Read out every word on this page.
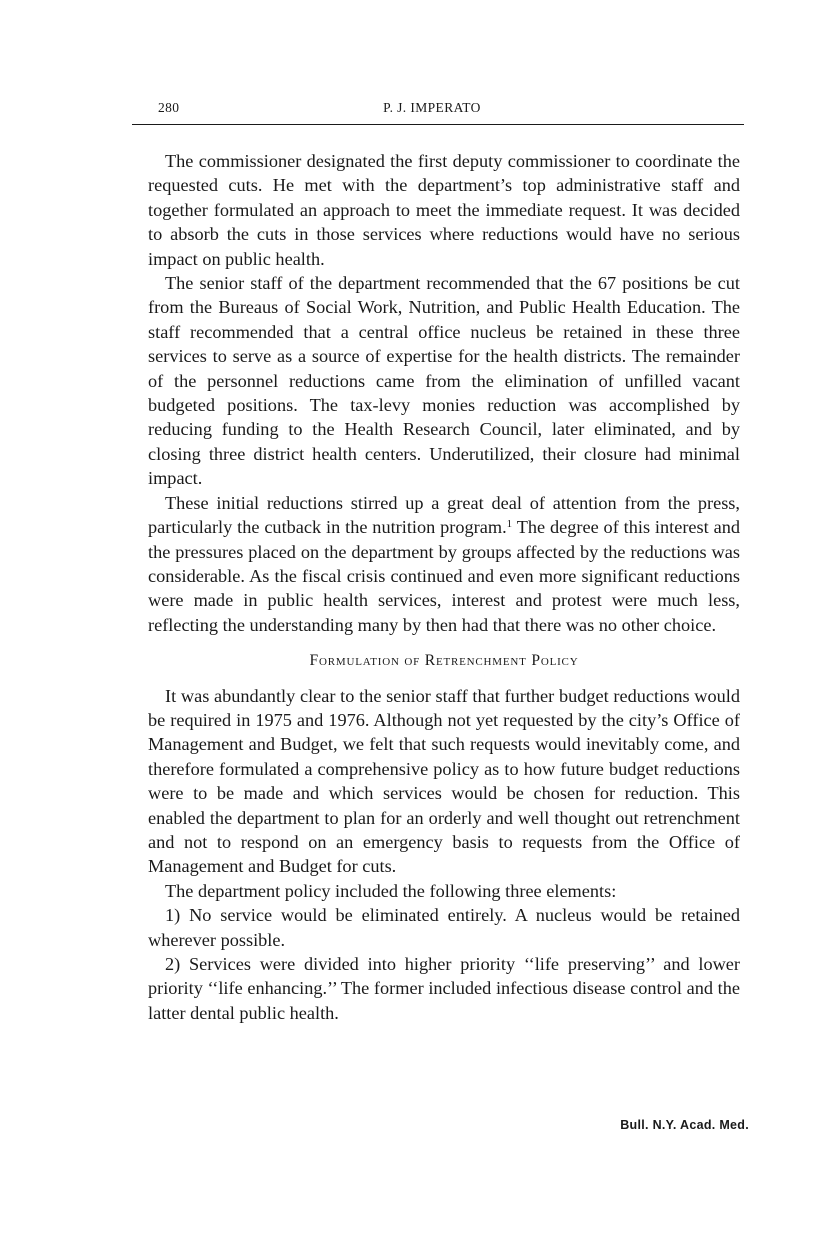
280	P. J. IMPERATO

The commissioner designated the first deputy commissioner to coordinate the requested cuts. He met with the department’s top administrative staff and together formulated an approach to meet the immediate request. It was decided to absorb the cuts in those services where reductions would have no serious impact on public health.

The senior staff of the department recommended that the 67 positions be cut from the Bureaus of Social Work, Nutrition, and Public Health Education. The staff recommended that a central office nucleus be retained in these three services to serve as a source of expertise for the health districts. The remainder of the personnel reductions came from the elimination of unfilled vacant budgeted positions. The tax-levy monies reduction was accomplished by reducing funding to the Health Research Council, later eliminated, and by closing three district health centers. Underutilized, their closure had minimal impact.

These initial reductions stirred up a great deal of attention from the press, particularly the cutback in the nutrition program.$^1$ The degree of this interest and the pressures placed on the department by groups affected by the reductions was considerable. As the fiscal crisis continued and even more significant reductions were made in public health services, interest and protest were much less, reflecting the understanding many by then had that there was no other choice.

Formulation of Retrenchment Policy

It was abundantly clear to the senior staff that further budget reductions would be required in 1975 and 1976. Although not yet requested by the city’s Office of Management and Budget, we felt that such requests would inevitably come, and therefore formulated a comprehensive policy as to how future budget reductions were to be made and which services would be chosen for reduction. This enabled the department to plan for an orderly and well thought out retrenchment and not to respond on an emergency basis to requests from the Office of Management and Budget for cuts.

The department policy included the following three elements:

1) No service would be eliminated entirely. A nucleus would be retained wherever possible.

2) Services were divided into higher priority ‘‘life preserving’’ and lower priority ‘‘life enhancing.’’ The former included infectious disease control and the latter dental public health.

Bull. N.Y. Acad. Med.
